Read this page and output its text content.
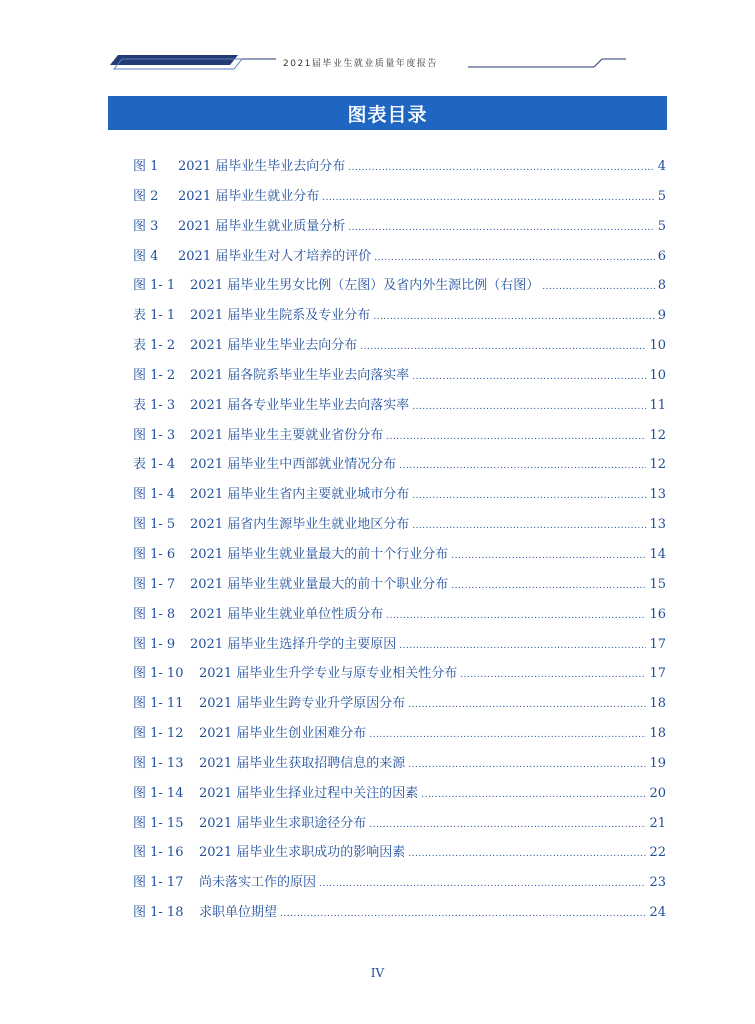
2021届毕业生就业质量年度报告
图表目录
图 1	2021 届毕业生毕业去向分布 .....	4
图 2	2021 届毕业生就业分布 .....	5
图 3	2021 届毕业生就业质量分析 .....	5
图 4	2021 届毕业生对人才培养的评价 .....	6
图 1- 1	2021 届毕业生男女比例（左图）及省内外生源比例（右图） .....	8
表 1- 1	2021 届毕业生院系及专业分布 .....	9
表 1- 2	2021 届毕业生毕业去向分布 .....	10
图 1- 2	2021 届各院系毕业生毕业去向落实率 .....	10
表 1- 3	2021 届各专业毕业生毕业去向落实率 .....	11
图 1- 3	2021 届毕业生主要就业省份分布 .....	12
表 1- 4	2021 届毕业生中西部就业情况分布 .....	12
图 1- 4	2021 届毕业生省内主要就业城市分布 .....	13
图 1- 5	2021 届省内生源毕业生就业地区分布 .....	13
图 1- 6	2021 届毕业生就业量最大的前十个行业分布 .....	14
图 1- 7	2021 届毕业生就业量最大的前十个职业分布 .....	15
图 1- 8	2021 届毕业生就业单位性质分布 .....	16
图 1- 9	2021 届毕业生选择升学的主要原因 .....	17
图 1- 10	2021 届毕业生升学专业与原专业相关性分布 .....	17
图 1- 11	2021 届毕业生跨专业升学原因分布 .....	18
图 1- 12	2021 届毕业生创业困难分布 .....	18
图 1- 13	2021 届毕业生获取招聘信息的来源 .....	19
图 1- 14	2021 届毕业生择业过程中关注的因素 .....	20
图 1- 15	2021 届毕业生求职途径分布 .....	21
图 1- 16	2021 届毕业生求职成功的影响因素 .....	22
图 1- 17	尚未落实工作的原因 .....	23
图 1- 18	求职单位期望 .....	24
IV
